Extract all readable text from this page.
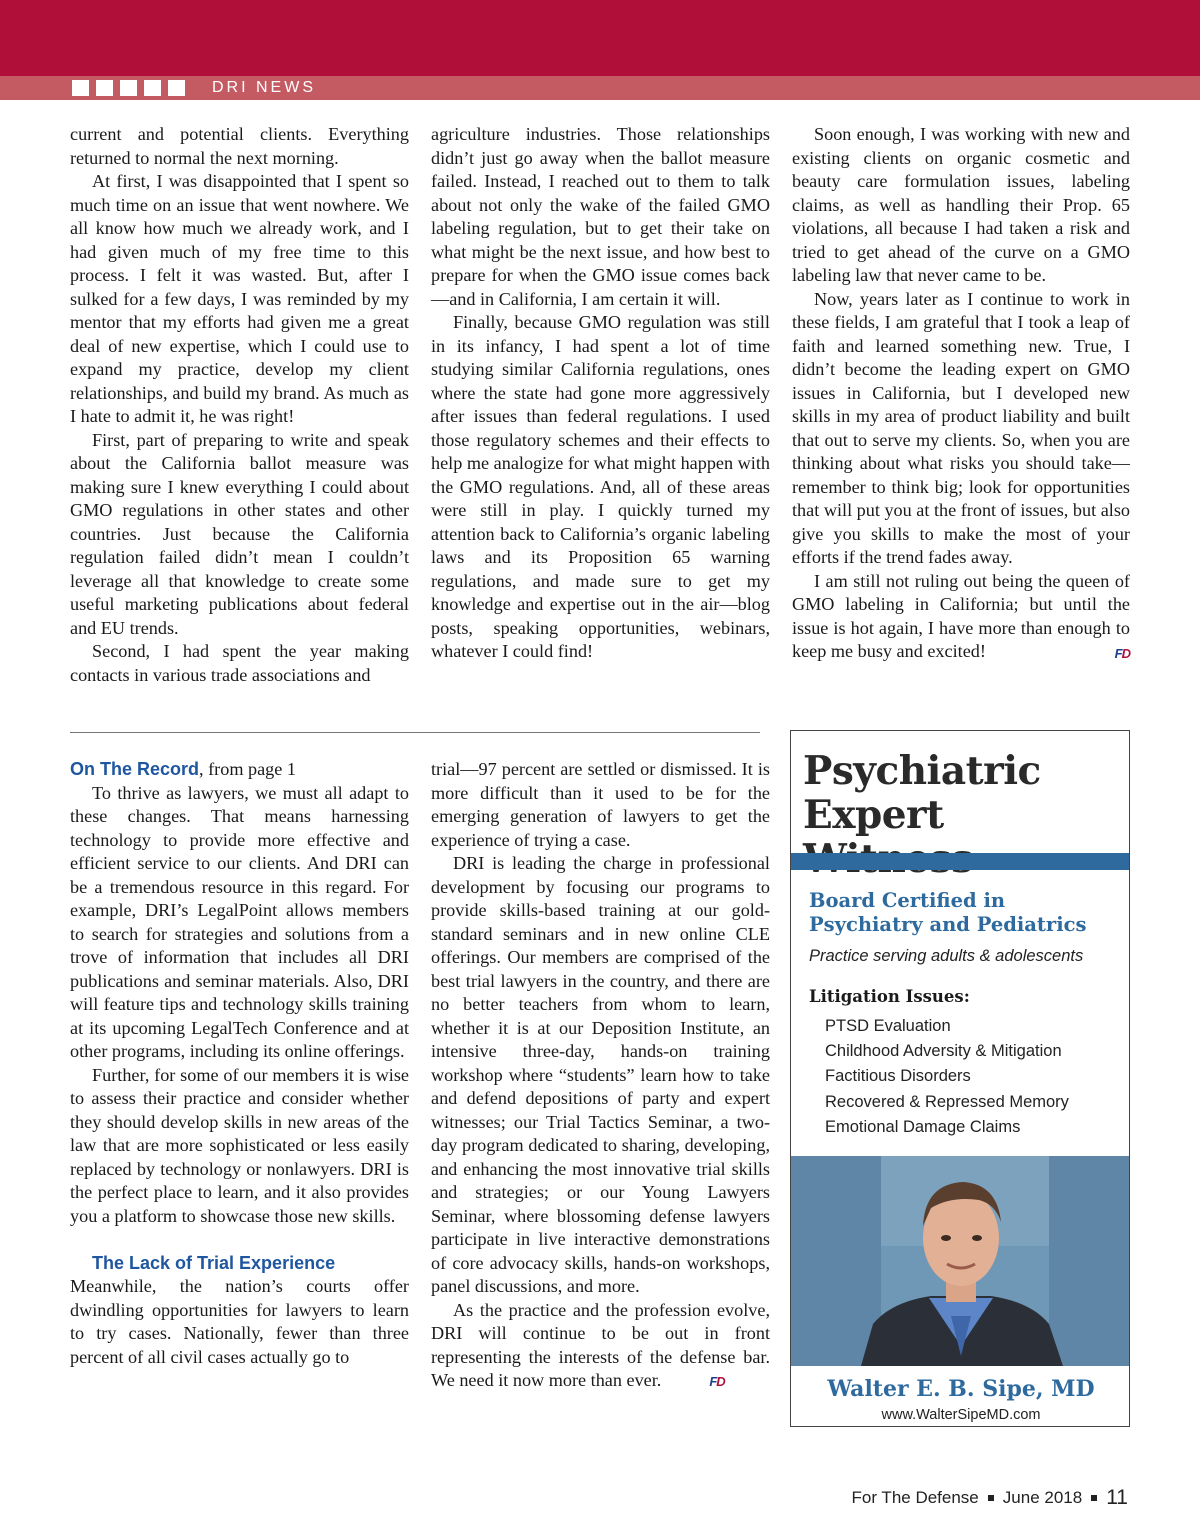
DRI NEWS

current and potential clients. Everything returned to normal the next morning.

At first, I was disappointed that I spent so much time on an issue that went nowhere. We all know how much we already work, and I had given much of my free time to this process. I felt it was wasted. But, after I sulked for a few days, I was reminded by my mentor that my efforts had given me a great deal of new expertise, which I could use to expand my practice, develop my client relationships, and build my brand. As much as I hate to admit it, he was right!

First, part of preparing to write and speak about the California ballot measure was making sure I knew everything I could about GMO regulations in other states and other countries. Just because the California regulation failed didn’t mean I couldn’t leverage all that knowledge to create some useful marketing publications about federal and EU trends.

Second, I had spent the year making contacts in various trade associations and

agriculture industries. Those relationships didn’t just go away when the ballot measure failed. Instead, I reached out to them to talk about not only the wake of the failed GMO labeling regulation, but to get their take on what might be the next issue, and how best to prepare for when the GMO issue comes back—and in California, I am certain it will.

Finally, because GMO regulation was still in its infancy, I had spent a lot of time studying similar California regulations, ones where the state had gone more aggressively after issues than federal regulations. I used those regulatory schemes and their effects to help me analogize for what might happen with the GMO regulations. And, all of these areas were still in play. I quickly turned my attention back to California’s organic labeling laws and its Proposition 65 warning regulations, and made sure to get my knowledge and expertise out in the air—blog posts, speaking opportunities, webinars, whatever I could find!

Soon enough, I was working with new and existing clients on organic cosmetic and beauty care formulation issues, labeling claims, as well as handling their Prop. 65 violations, all because I had taken a risk and tried to get ahead of the curve on a GMO labeling law that never came to be.

Now, years later as I continue to work in these fields, I am grateful that I took a leap of faith and learned something new. True, I didn’t become the leading expert on GMO issues in California, but I developed new skills in my area of product liability and built that out to serve my clients. So, when you are thinking about what risks you should take—remember to think big; look for opportunities that will put you at the front of issues, but also give you skills to make the most of your efforts if the trend fades away.

I am still not ruling out being the queen of GMO labeling in California; but until the issue is hot again, I have more than enough to keep me busy and excited!	FD

On The Record, from page 1

To thrive as lawyers, we must all adapt to these changes. That means harnessing technology to provide more effective and efficient service to our clients. And DRI can be a tremendous resource in this regard. For example, DRI’s LegalPoint allows members to search for strategies and solutions from a trove of information that includes all DRI publications and seminar materials. Also, DRI will feature tips and technology skills training at its upcoming LegalTech Conference and at other programs, including its online offerings.

Further, for some of our members it is wise to assess their practice and consider whether they should develop skills in new areas of the law that are more sophisticated or less easily replaced by technology or nonlawyers. DRI is the perfect place to learn, and it also provides you a platform to showcase those new skills.

The Lack of Trial Experience

Meanwhile, the nation’s courts offer dwindling opportunities for lawyers to learn to try cases. Nationally, fewer than three percent of all civil cases actually go to

trial—97 percent are settled or dismissed. It is more difficult than it used to be for the emerging generation of lawyers to get the experience of trying a case.

DRI is leading the charge in professional development by focusing our programs to provide skills-based training at our gold-standard seminars and in new online CLE offerings. Our members are comprised of the best trial lawyers in the country, and there are no better teachers from whom to learn, whether it is at our Deposition Institute, an intensive three-day, hands-on training workshop where “students” learn how to take and defend depositions of party and expert witnesses; our Trial Tactics Seminar, a two-day program dedicated to sharing, developing, and enhancing the most innovative trial skills and strategies; or our Young Lawyers Seminar, where blossoming defense lawyers participate in live interactive demonstrations of core advocacy skills, hands-on workshops, panel discussions, and more.

As the practice and the profession evolve, DRI will continue to be out in front representing the interests of the defense bar. We need it now more than ever.	FD

Psychiatric
Expert
Board Certified in
Psychiatry and Pediatrics
Practice serving adults & adolescents
Litigation Issues:
PTSD Evaluation
Childhood Adversity & Mitigation
Factitious Disorders
Recovered & Repressed Memory
Emotional Damage Claims
Walter E. B. Sipe, MD
www.WalterSipeMD.com
For The Defense June 2018 11
